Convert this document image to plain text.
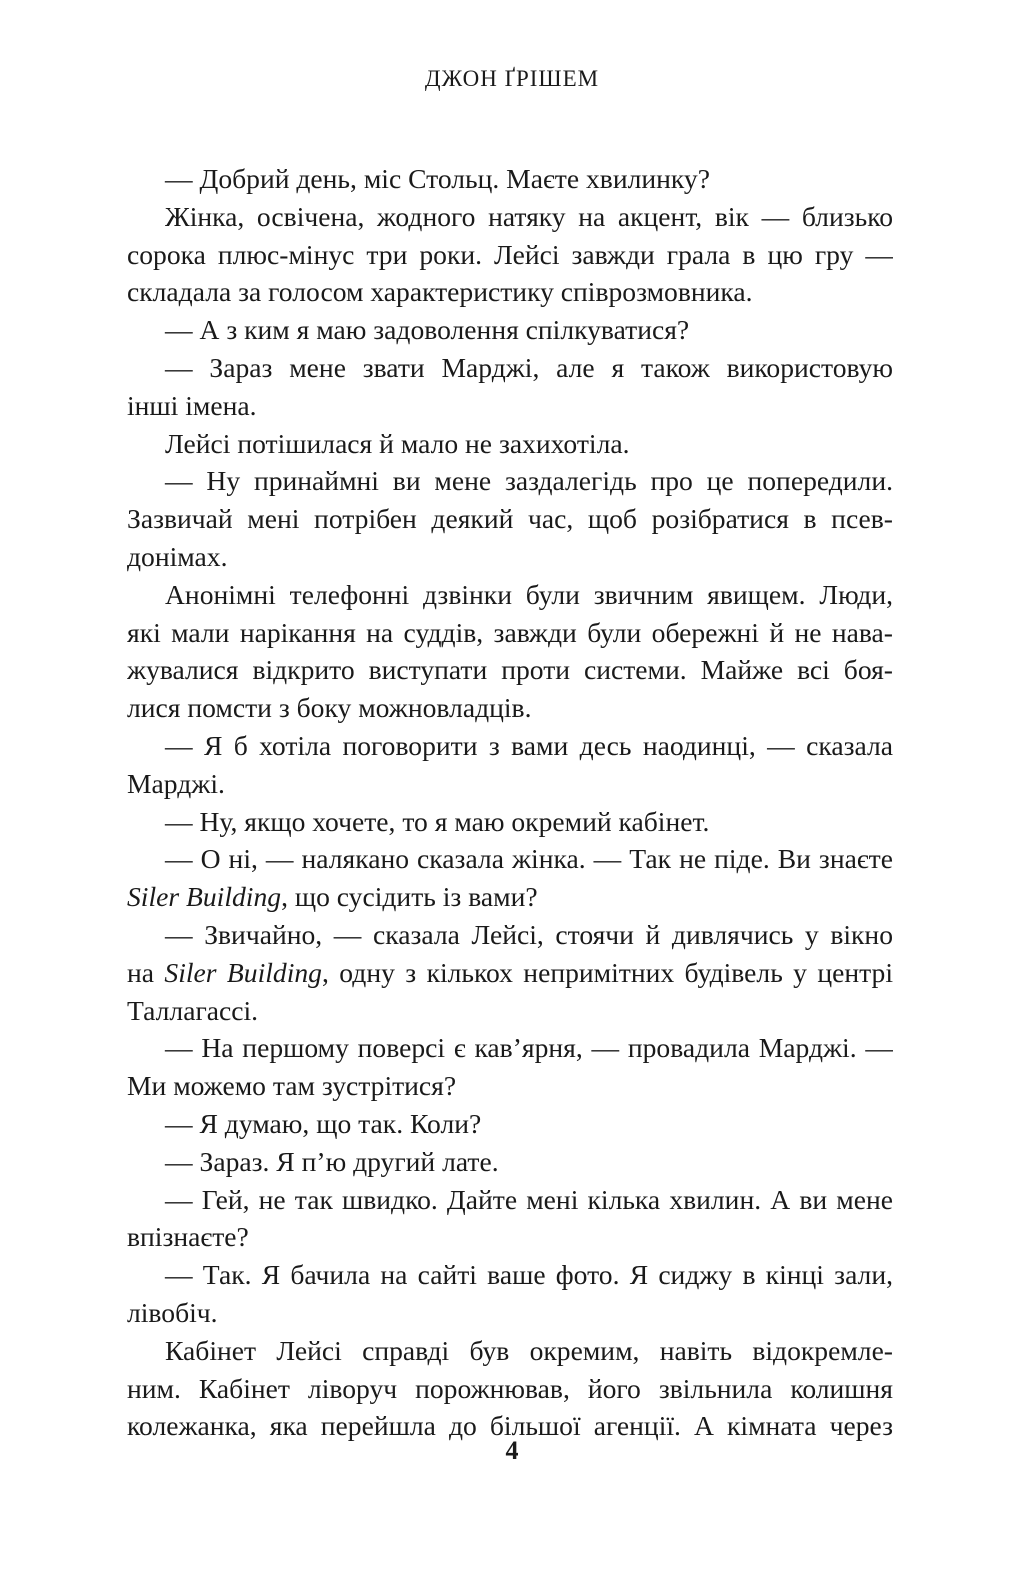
ДЖОН ҐРІШЕМ
— Добрий день, міс Стольц. Маєте хвилинку?
Жінка, освічена, жодного натяку на акцент, вік — близько
сорока плюс-мінус три роки. Лейсі завжди грала в цю гру —
складала за голосом характеристику співрозмовника.
— А з ким я маю задоволення спілкуватися?
— Зараз мене звати Марджі, але я також використовую
інші імена.
Лейсі потішилася й мало не захихотіла.
— Ну принаймні ви мене заздалегідь про це попередили.
Зазвичай мені потрібен деякий час, щоб розібратися в псев-
донімах.
Анонімні телефонні дзвінки були звичним явищем. Люди,
які мали нарікання на суддів, завжди були обережні й не нава-
жувалися відкрито виступати проти системи. Майже всі боя-
лися помсти з боку можновладців.
— Я б хотіла поговорити з вами десь наодинці, — сказала
Марджі.
— Ну, якщо хочете, то я маю окремий кабінет.
— О ні, — налякано сказала жінка. — Так не піде. Ви знаєте
Siler Building, що сусідить із вами?
— Звичайно, — сказала Лейсі, стоячи й дивлячись у вікно
на Siler Building, одну з кількох непримітних будівель у центрі
Таллагассі.
— На першому поверсі є кав’ярня, — провадила Марджі. —
Ми можемо там зустрітися?
— Я думаю, що так. Коли?
— Зараз. Я п’ю другий лате.
— Гей, не так швидко. Дайте мені кілька хвилин. А ви мене
впізнаєте?
— Так. Я бачила на сайті ваше фото. Я сиджу в кінці зали,
лівобіч.
Кабінет Лейсі справді був окремим, навіть відокремле-
ним. Кабінет ліворуч порожнював, його звільнила колишня
колежанка, яка перейшла до більшої агенції. А кімната через
4
